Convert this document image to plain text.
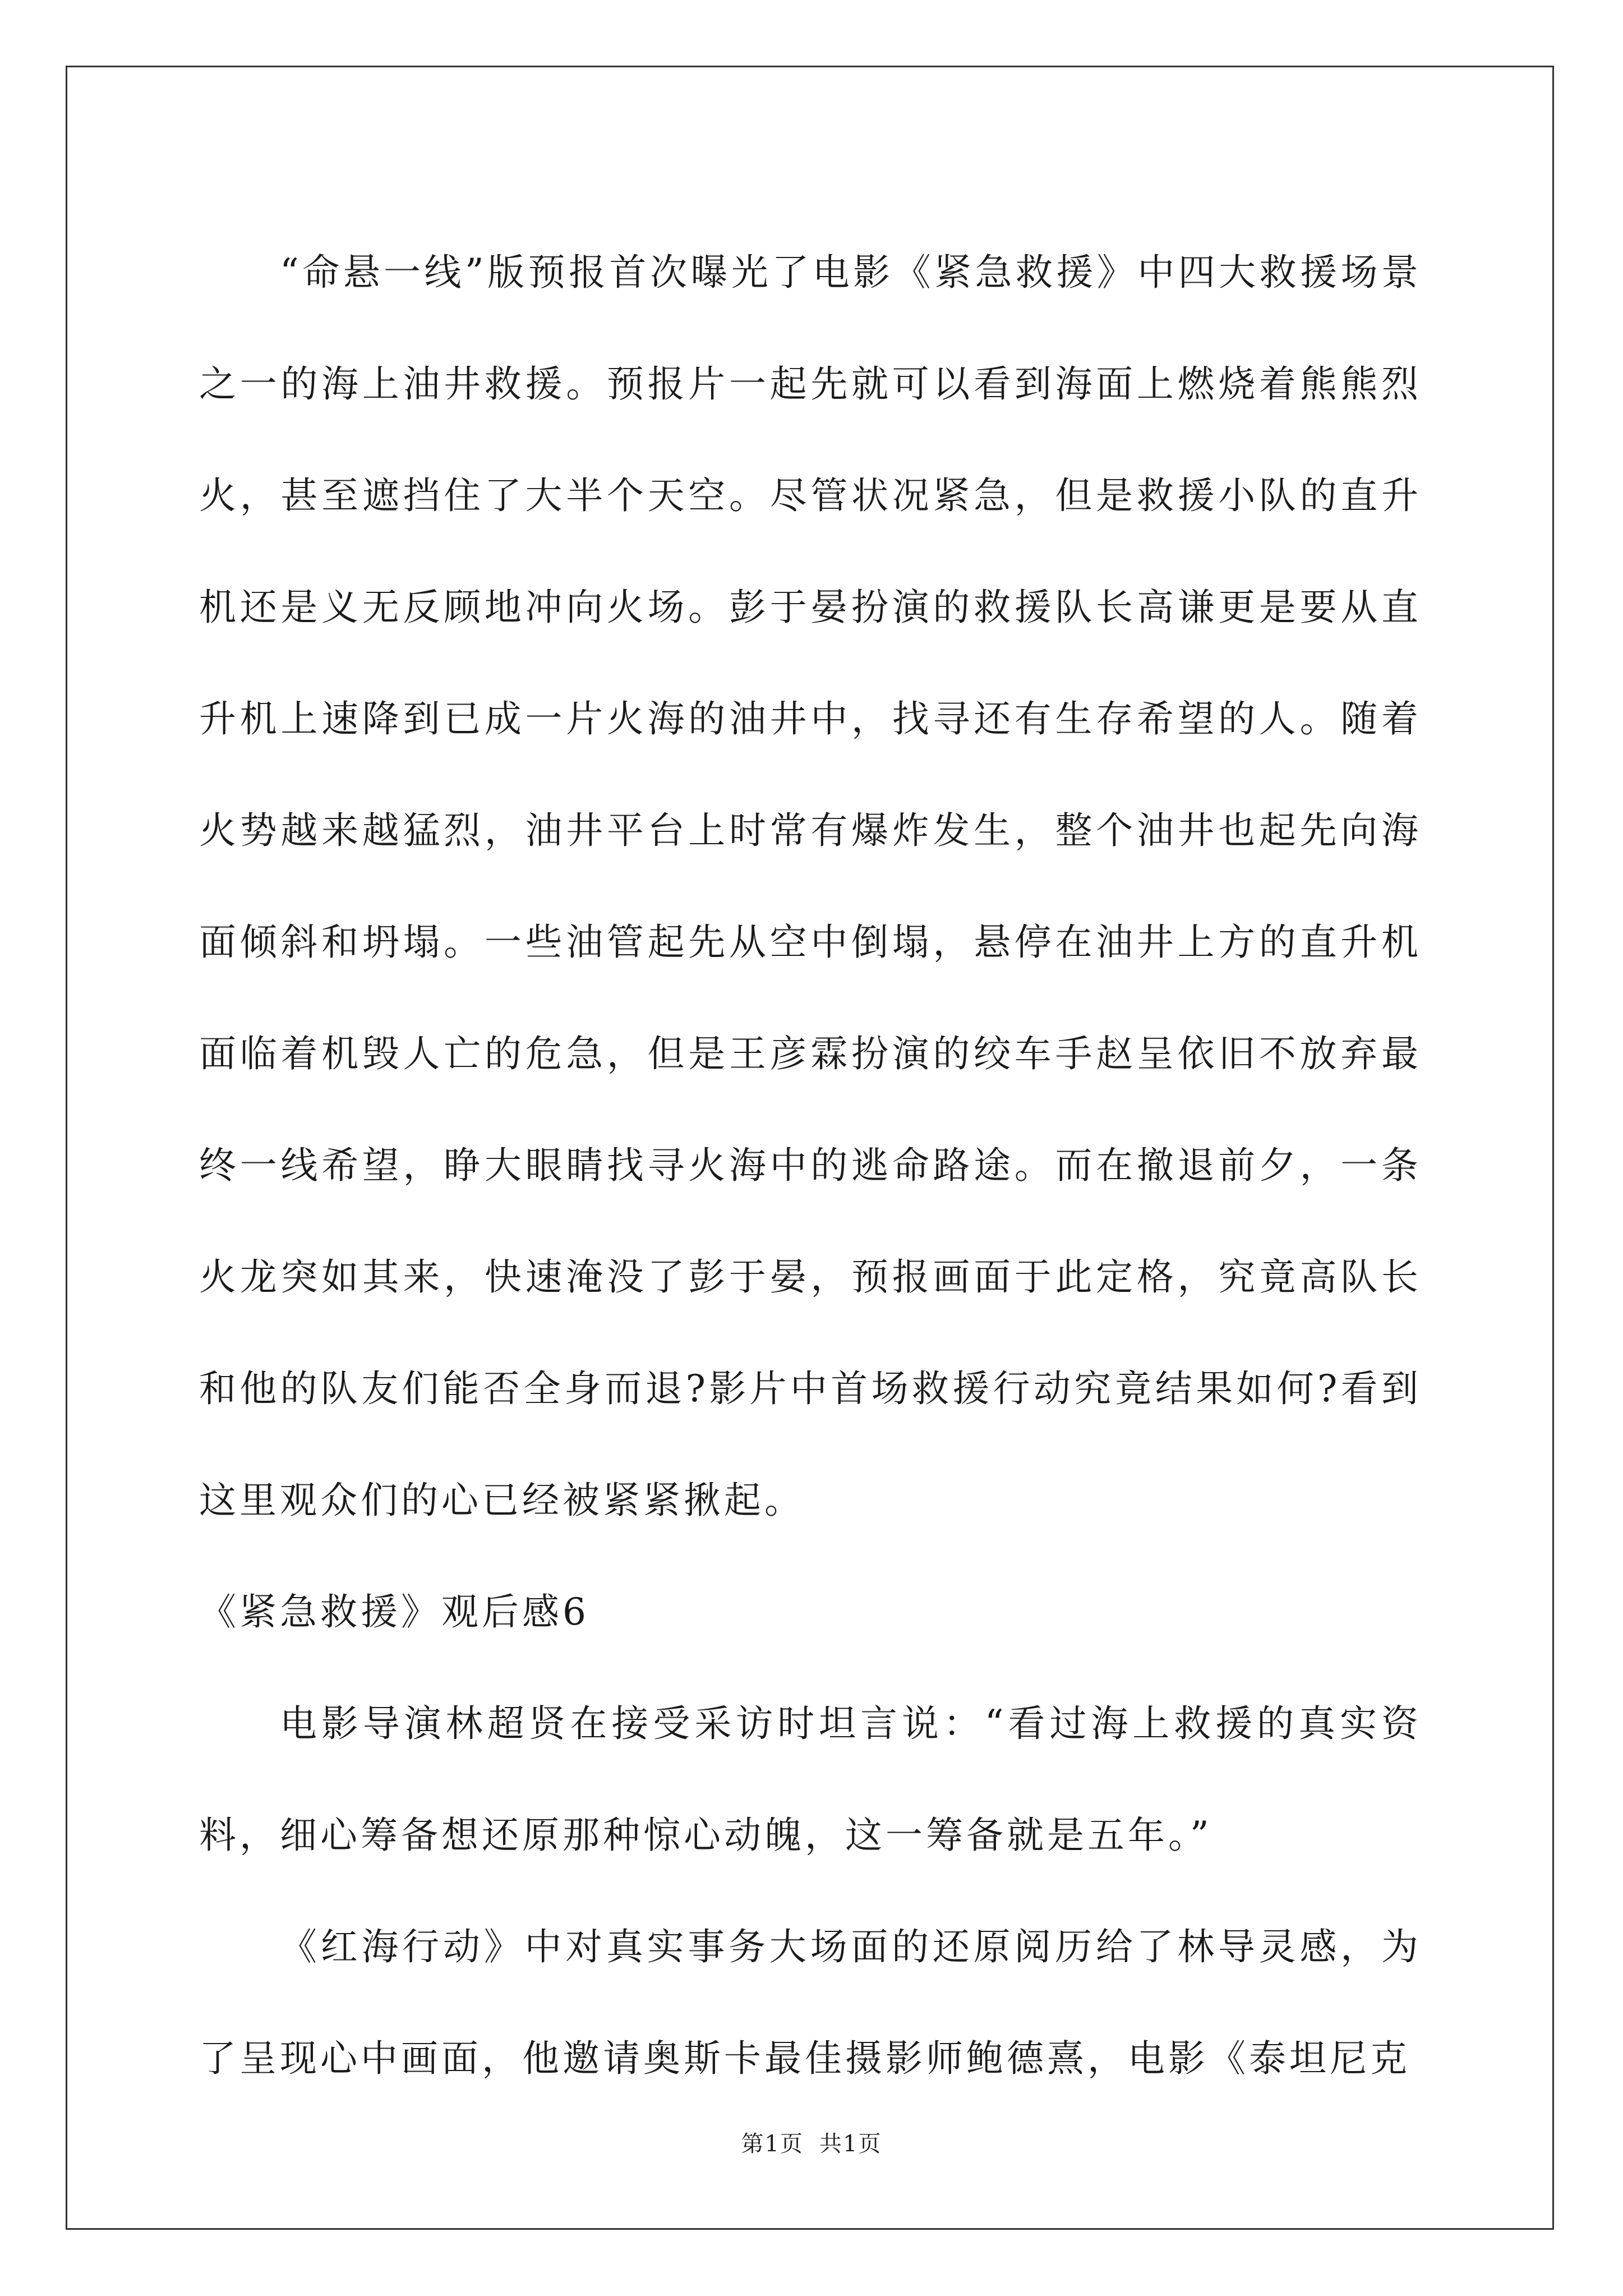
“命悬一线”版预报首次曝光了电影《紧急救援》中四大救援场景之一的海上油井救援。预报片一起先就可以看到海面上燃烧着熊熊烈火，甚至遮挡住了大半个天空。尽管状况紧急，但是救援小队的直升机还是义无反顾地冲向火场。彭于晏扮演的救援队长高谦更是要从直升机上速降到已成一片火海的油井中，找寻还有生存希望的人。随着火势越来越猛烈，油井平台上时常有爆炸发生，整个油井也起先向海面倾斜和坍塌。一些油管起先从空中倒塌，悬停在油井上方的直升机面临着机毁人亡的危急，但是王彦霖扮演的绞车手赵呈依旧不放弃最终一线希望，睁大眼睛找寻火海中的逃命路途。而在撤退前夕，一条火龙突如其来，快速淹没了彭于晏，预报画面于此定格，究竟高队长和他的队友们能否全身而退?影片中首场救援行动究竟结果如何?看到这里观众们的心已经被紧紧揪起。

《紧急救援》观后感6

电影导演林超贤在接受采访时坦言说：“看过海上救援的真实资料，细心筹备想还原那种惊心动魄，这一筹备就是五年。”

《红海行动》中对真实事务大场面的还原阅历给了林导灵感，为了呈现心中画面，他邀请奥斯卡最佳摄影师鲍德熹，电影《泰坦尼克

第1页 共1页
